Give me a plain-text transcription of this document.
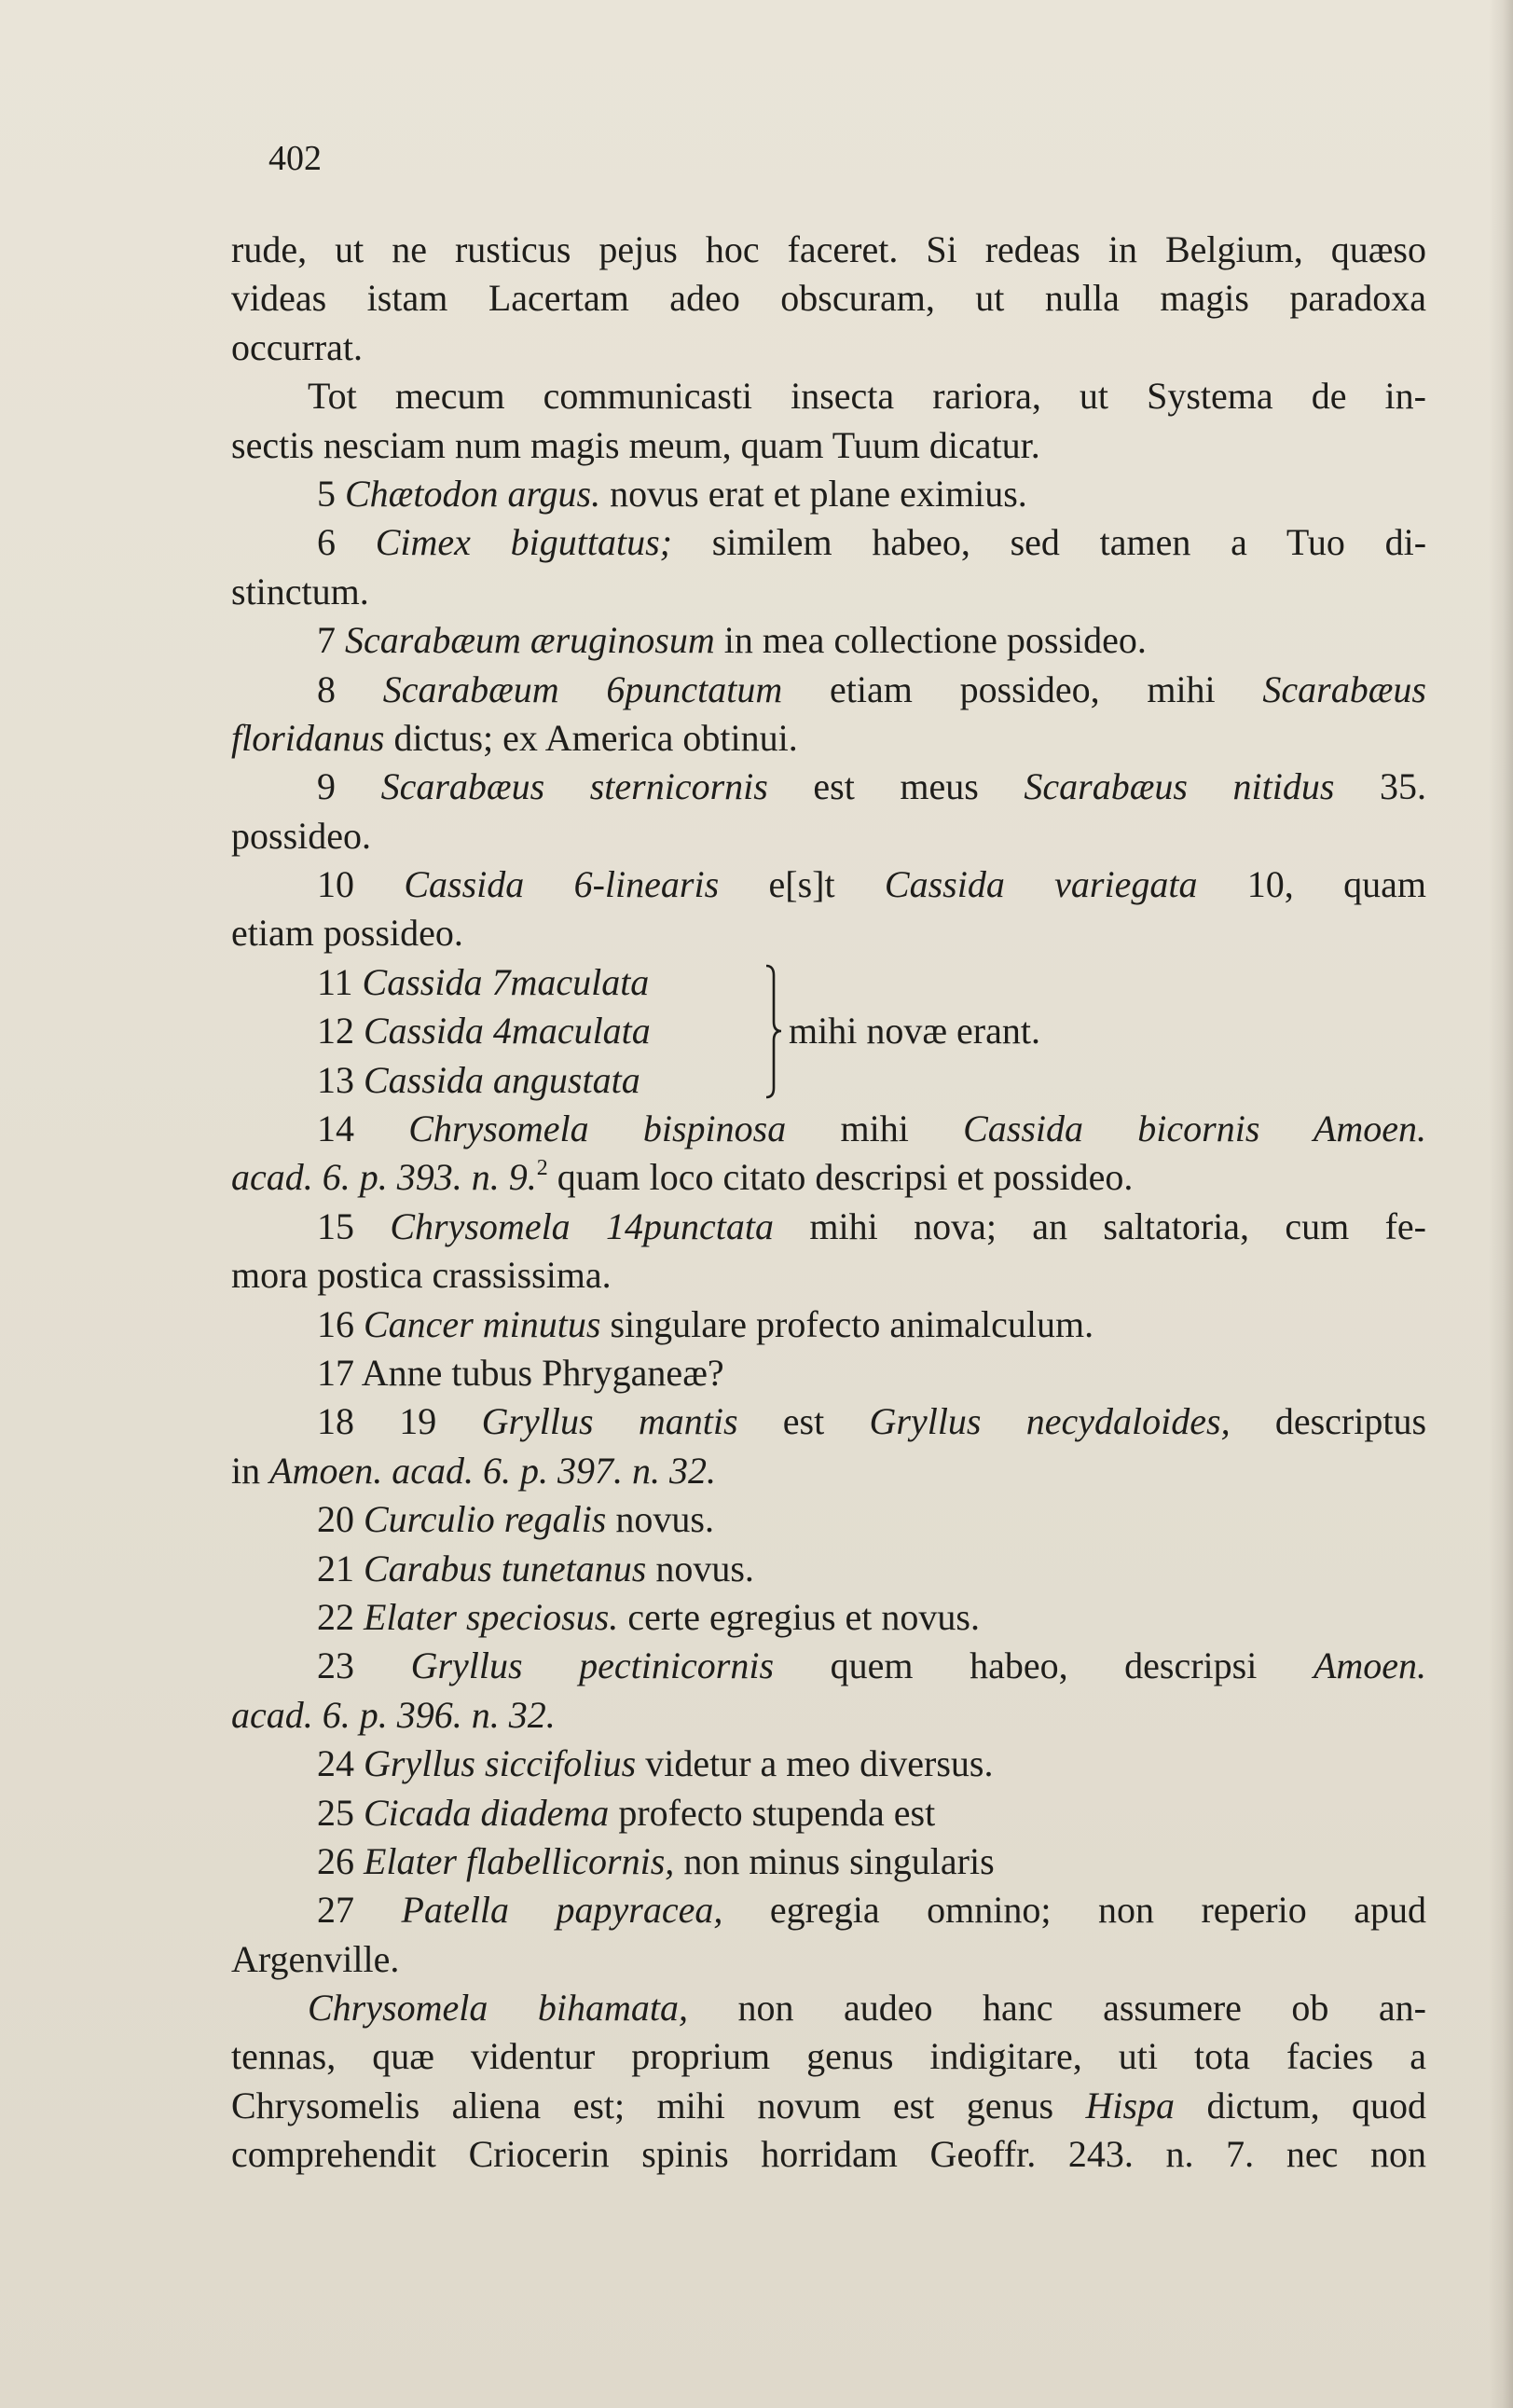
402
rude, ut ne rusticus pejus hoc faceret. Si redeas in Belgium, quæso
videas istam Lacertam adeo obscuram, ut nulla magis paradoxa
occurrat.
Tot mecum communicasti insecta rariora, ut Systema de in-
sectis nesciam num magis meum, quam Tuum dicatur.
5 Chætodon argus. novus erat et plane eximius.
6 Cimex biguttatus; similem habeo, sed tamen a Tuo di-
stinctum.
7 Scarabæum æruginosum in mea collectione possideo.
8 Scarabæum 6punctatum etiam possideo, mihi Scarabæus
floridanus dictus; ex America obtinui.
9 Scarabæus sternicornis est meus Scarabæus nitidus 35.
possideo.
10 Cassida 6-linearis e[s]t Cassida variegata 10, quam
etiam possideo.
11 Cassida 7maculata
12 Cassida 4maculata
13 Cassida angustata
mihi novæ erant.
14 Chrysomela bispinosa mihi Cassida bicornis Amoen.
acad. 6. p. 393. n. 9.$^2$ quam loco citato descripsi et possideo.
15 Chrysomela 14punctata mihi nova; an saltatoria, cum fe-
mora postica crassissima.
16 Cancer minutus singulare profecto animalculum.
17 Anne tubus Phryganeæ?
18 19 Gryllus mantis est Gryllus necydaloides, descriptus
in Amoen. acad. 6. p. 397. n. 32.
20 Curculio regalis novus.
21 Carabus tunetanus novus.
22 Elater speciosus. certe egregius et novus.
23 Gryllus pectinicornis quem habeo, descripsi Amoen.
acad. 6. p. 396. n. 32.
24 Gryllus siccifolius videtur a meo diversus.
25 Cicada diadema profecto stupenda est
26 Elater flabellicornis, non minus singularis
27 Patella papyracea, egregia omnino; non reperio apud
Argenville.
Chrysomela bihamata, non audeo hanc assumere ob an-
tennas, quæ videntur proprium genus indigitare, uti tota facies a
Chrysomelis aliena est; mihi novum est genus Hispa dictum, quod
comprehendit Criocerin spinis horridam Geoffr. 243. n. 7. nec non
